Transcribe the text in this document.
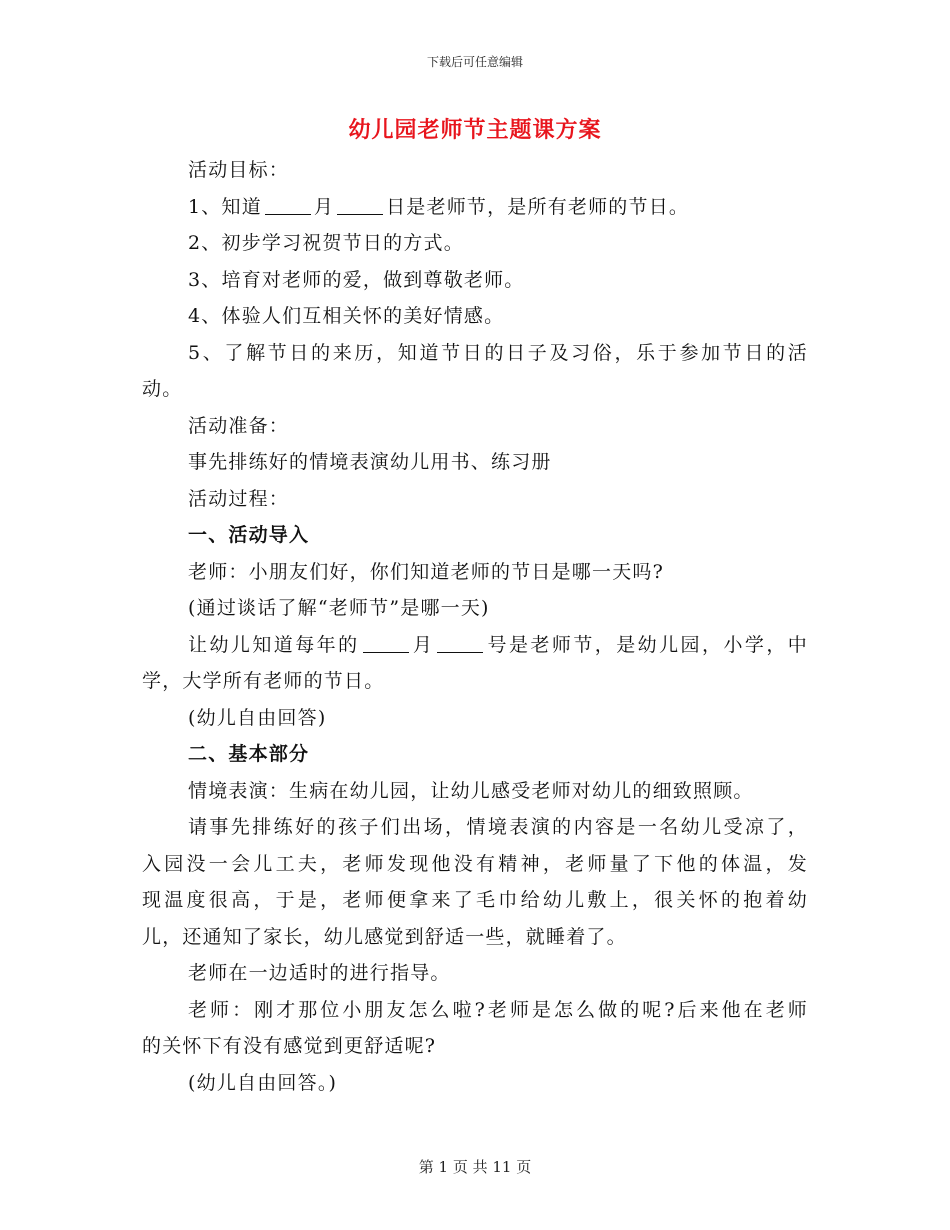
下载后可任意编辑
幼儿园老师节主题课方案

活动目标：

1、知道	月	日是老师节，是所有老师的节日。

2、初步学习祝贺节日的方式。

3、培育对老师的爱，做到尊敬老师。

4、体验人们互相关怀的美好情感。

5、了解节日的来历，知道节日的日子及习俗，乐于参加节日的活

动。

活动准备：

事先排练好的情境表演幼儿用书、练习册

活动过程：

一、活动导入

老师：小朋友们好，你们知道老师的节日是哪一天吗?

(通过谈话了解“老师节”是哪一天)

让幼儿知道每年的	月	号是老师节，是幼儿园，小学，中

学，大学所有老师的节日。

(幼儿自由回答)

二、基本部分

情境表演：生病在幼儿园，让幼儿感受老师对幼儿的细致照顾。

请事先排练好的孩子们出场，情境表演的内容是一名幼儿受凉了，

入园没一会儿工夫，老师发现他没有精神，老师量了下他的体温，发

现温度很高，于是，老师便拿来了毛巾给幼儿敷上，很关怀的抱着幼

儿，还通知了家长，幼儿感觉到舒适一些，就睡着了。

老师在一边适时的进行指导。

老师：刚才那位小朋友怎么啦?老师是怎么做的呢?后来他在老师

的关怀下有没有感觉到更舒适呢?

(幼儿自由回答。)

第 1 页 共 11 页
